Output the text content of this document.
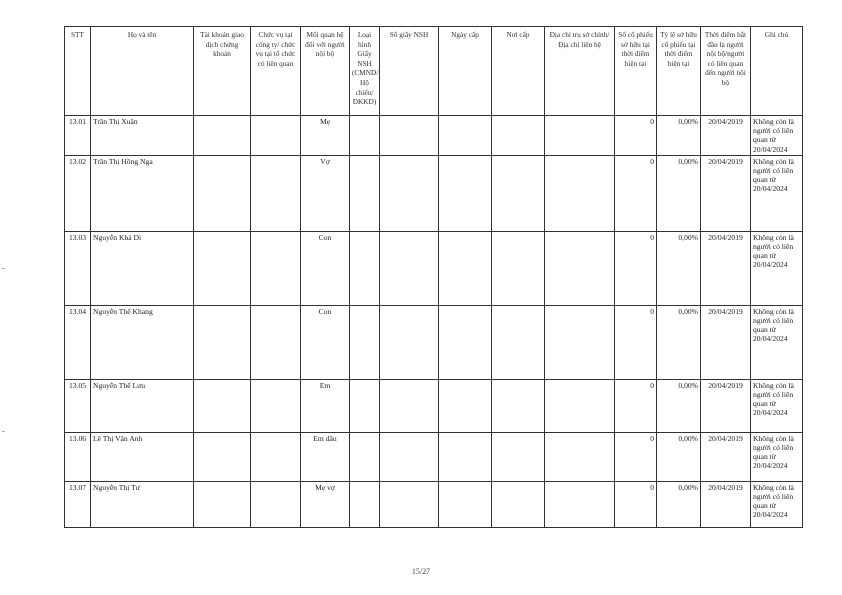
STT	Họ và tên	Tài khoản giao dịch chứng khoán	Chức vụ tại công ty/ chức vụ tại tổ chức có liên quan	Mối quan hệ đối với người nội bộ	Loại hình Giấy NSH (CMND/ Hộ chiếu/ ĐKKD)	Số giấy NSH	Ngày cấp	Nơi cấp	Địa chỉ trụ sở chính/Địa chỉ liên hệ	Số cổ phiếu sở hữu tại thời điểm hiện tại	Tỷ lệ sở hữu cổ phiếu tại thời điểm hiện tại	Thời điểm bắt đầu là người nội bộ/người có liên quan đến người nội bộ	Ghi chú
13.01	Trần Thị Xuân			Mẹ						0	0,00%	20/04/2019	Không còn là người có liên quan từ 20/04/2024
13.02	Trần Thị Hồng Nga			Vợ						0	0,00%	20/04/2019	Không còn là người có liên quan từ 20/04/2024
13.03	Nguyễn Khả Di			Con						0	0,00%	20/04/2019	Không còn là người có liên quan từ 20/04/2024
13.04	Nguyễn Thế Khang			Con						0	0,00%	20/04/2019	Không còn là người có liên quan từ 20/04/2024
13.05	Nguyễn Thế Lưu			Em						0	0,00%	20/04/2019	Không còn là người có liên quan từ 20/04/2024
13.06	Lê Thị Vân Anh			Em dâu						0	0,00%	20/04/2019	Không còn là người có liên quan từ 20/04/2024
13.07	Nguyễn Thị Tư			Mẹ vợ						0	0,00%	20/04/2019	Không còn là người có liên quan từ 20/04/2024
15/27
